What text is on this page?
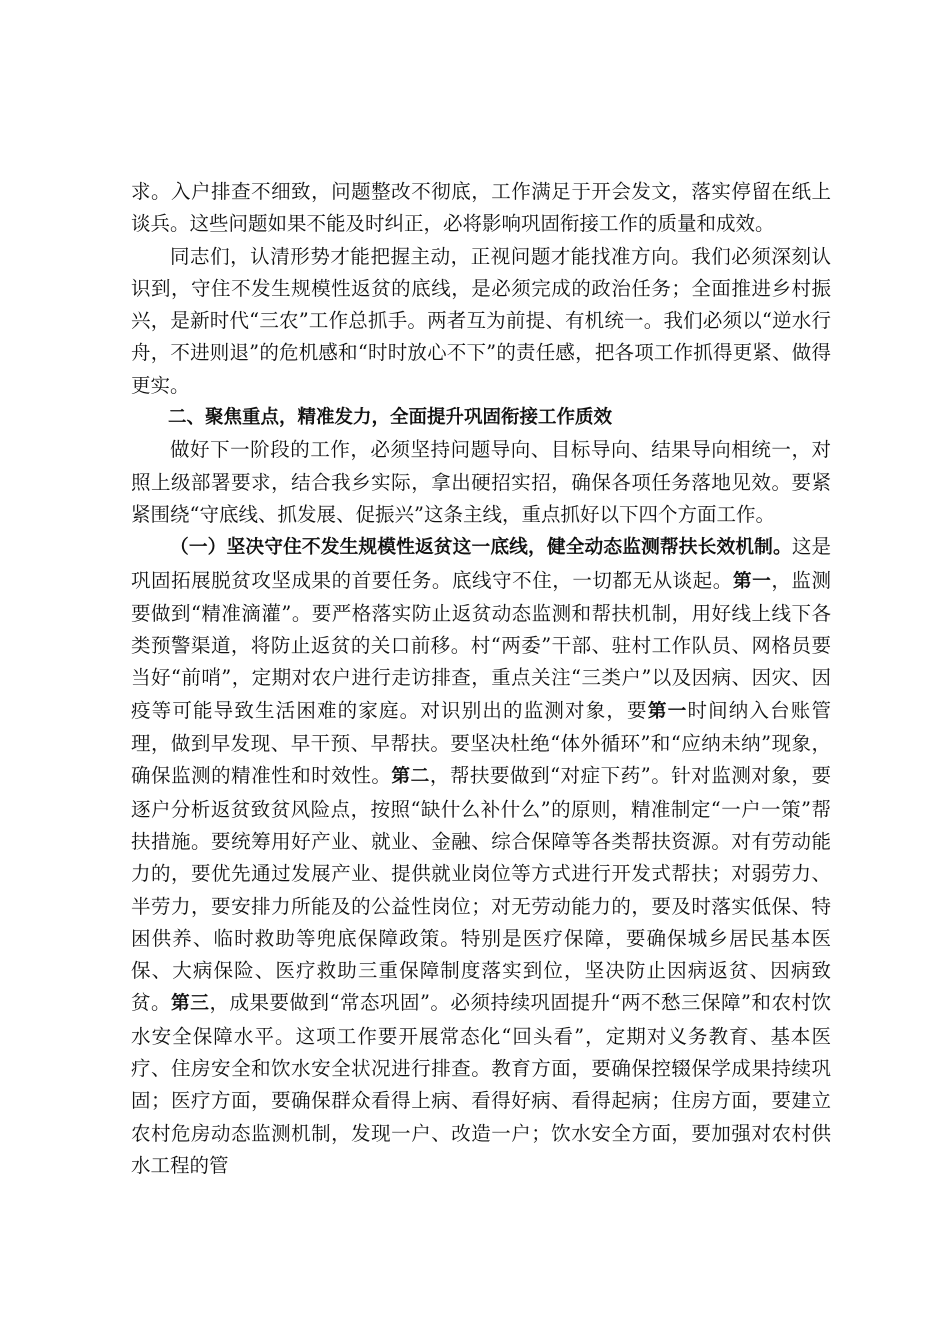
求。入户排查不细致，问题整改不彻底，工作满足于开会发文，落实停留在纸上谈兵。这些问题如果不能及时纠正，必将影响巩固衔接工作的质量和成效。

同志们，认清形势才能把握主动，正视问题才能找准方向。我们必须深刻认识到，守住不发生规模性返贫的底线，是必须完成的政治任务；全面推进乡村振兴，是新时代“三农”工作总抓手。两者互为前提、有机统一。我们必须以“逆水行舟，不进则退”的危机感和“时时放心不下”的责任感，把各项工作抓得更紧、做得更实。

二、聚焦重点，精准发力，全面提升巩固衔接工作质效

做好下一阶段的工作，必须坚持问题导向、目标导向、结果导向相统一，对照上级部署要求，结合我乡实际，拿出硬招实招，确保各项任务落地见效。要紧紧围绕“守底线、抓发展、促振兴”这条主线，重点抓好以下四个方面工作。

（一）坚决守住不发生规模性返贫这一底线，健全动态监测帮扶长效机制。这是巩固拓展脱贫攻坚成果的首要任务。底线守不住，一切都无从谈起。第一，监测要做到“精准滴灌”。要严格落实防止返贫动态监测和帮扶机制，用好线上线下各类预警渠道，将防止返贫的关口前移。村“两委”干部、驻村工作队员、网格员要当好“前哨”，定期对农户进行走访排查，重点关注“三类户”以及因病、因灾、因疫等可能导致生活困难的家庭。对识别出的监测对象，要第一时间纳入台账管理，做到早发现、早干预、早帮扶。要坚决杜绝“体外循环”和“应纳未纳”现象，确保监测的精准性和时效性。第二，帮扶要做到“对症下药”。针对监测对象，要逐户分析返贫致贫风险点，按照“缺什么补什么”的原则，精准制定“一户一策”帮扶措施。要统筹用好产业、就业、金融、综合保障等各类帮扶资源。对有劳动能力的，要优先通过发展产业、提供就业岗位等方式进行开发式帮扶；对弱劳力、半劳力，要安排力所能及的公益性岗位；对无劳动能力的，要及时落实低保、特困供养、临时救助等兜底保障政策。特别是医疗保障，要确保城乡居民基本医保、大病保险、医疗救助三重保障制度落实到位，坚决防止因病返贫、因病致贫。第三，成果要做到“常态巩固”。必须持续巩固提升“两不愁三保障”和农村饮水安全保障水平。这项工作要开展常态化“回头看”，定期对义务教育、基本医疗、住房安全和饮水安全状况进行排查。教育方面，要确保控辍保学成果持续巩固；医疗方面，要确保群众看得上病、看得好病、看得起病；住房方面，要建立农村危房动态监测机制，发现一户、改造一户；饮水安全方面，要加强对农村供水工程的管
